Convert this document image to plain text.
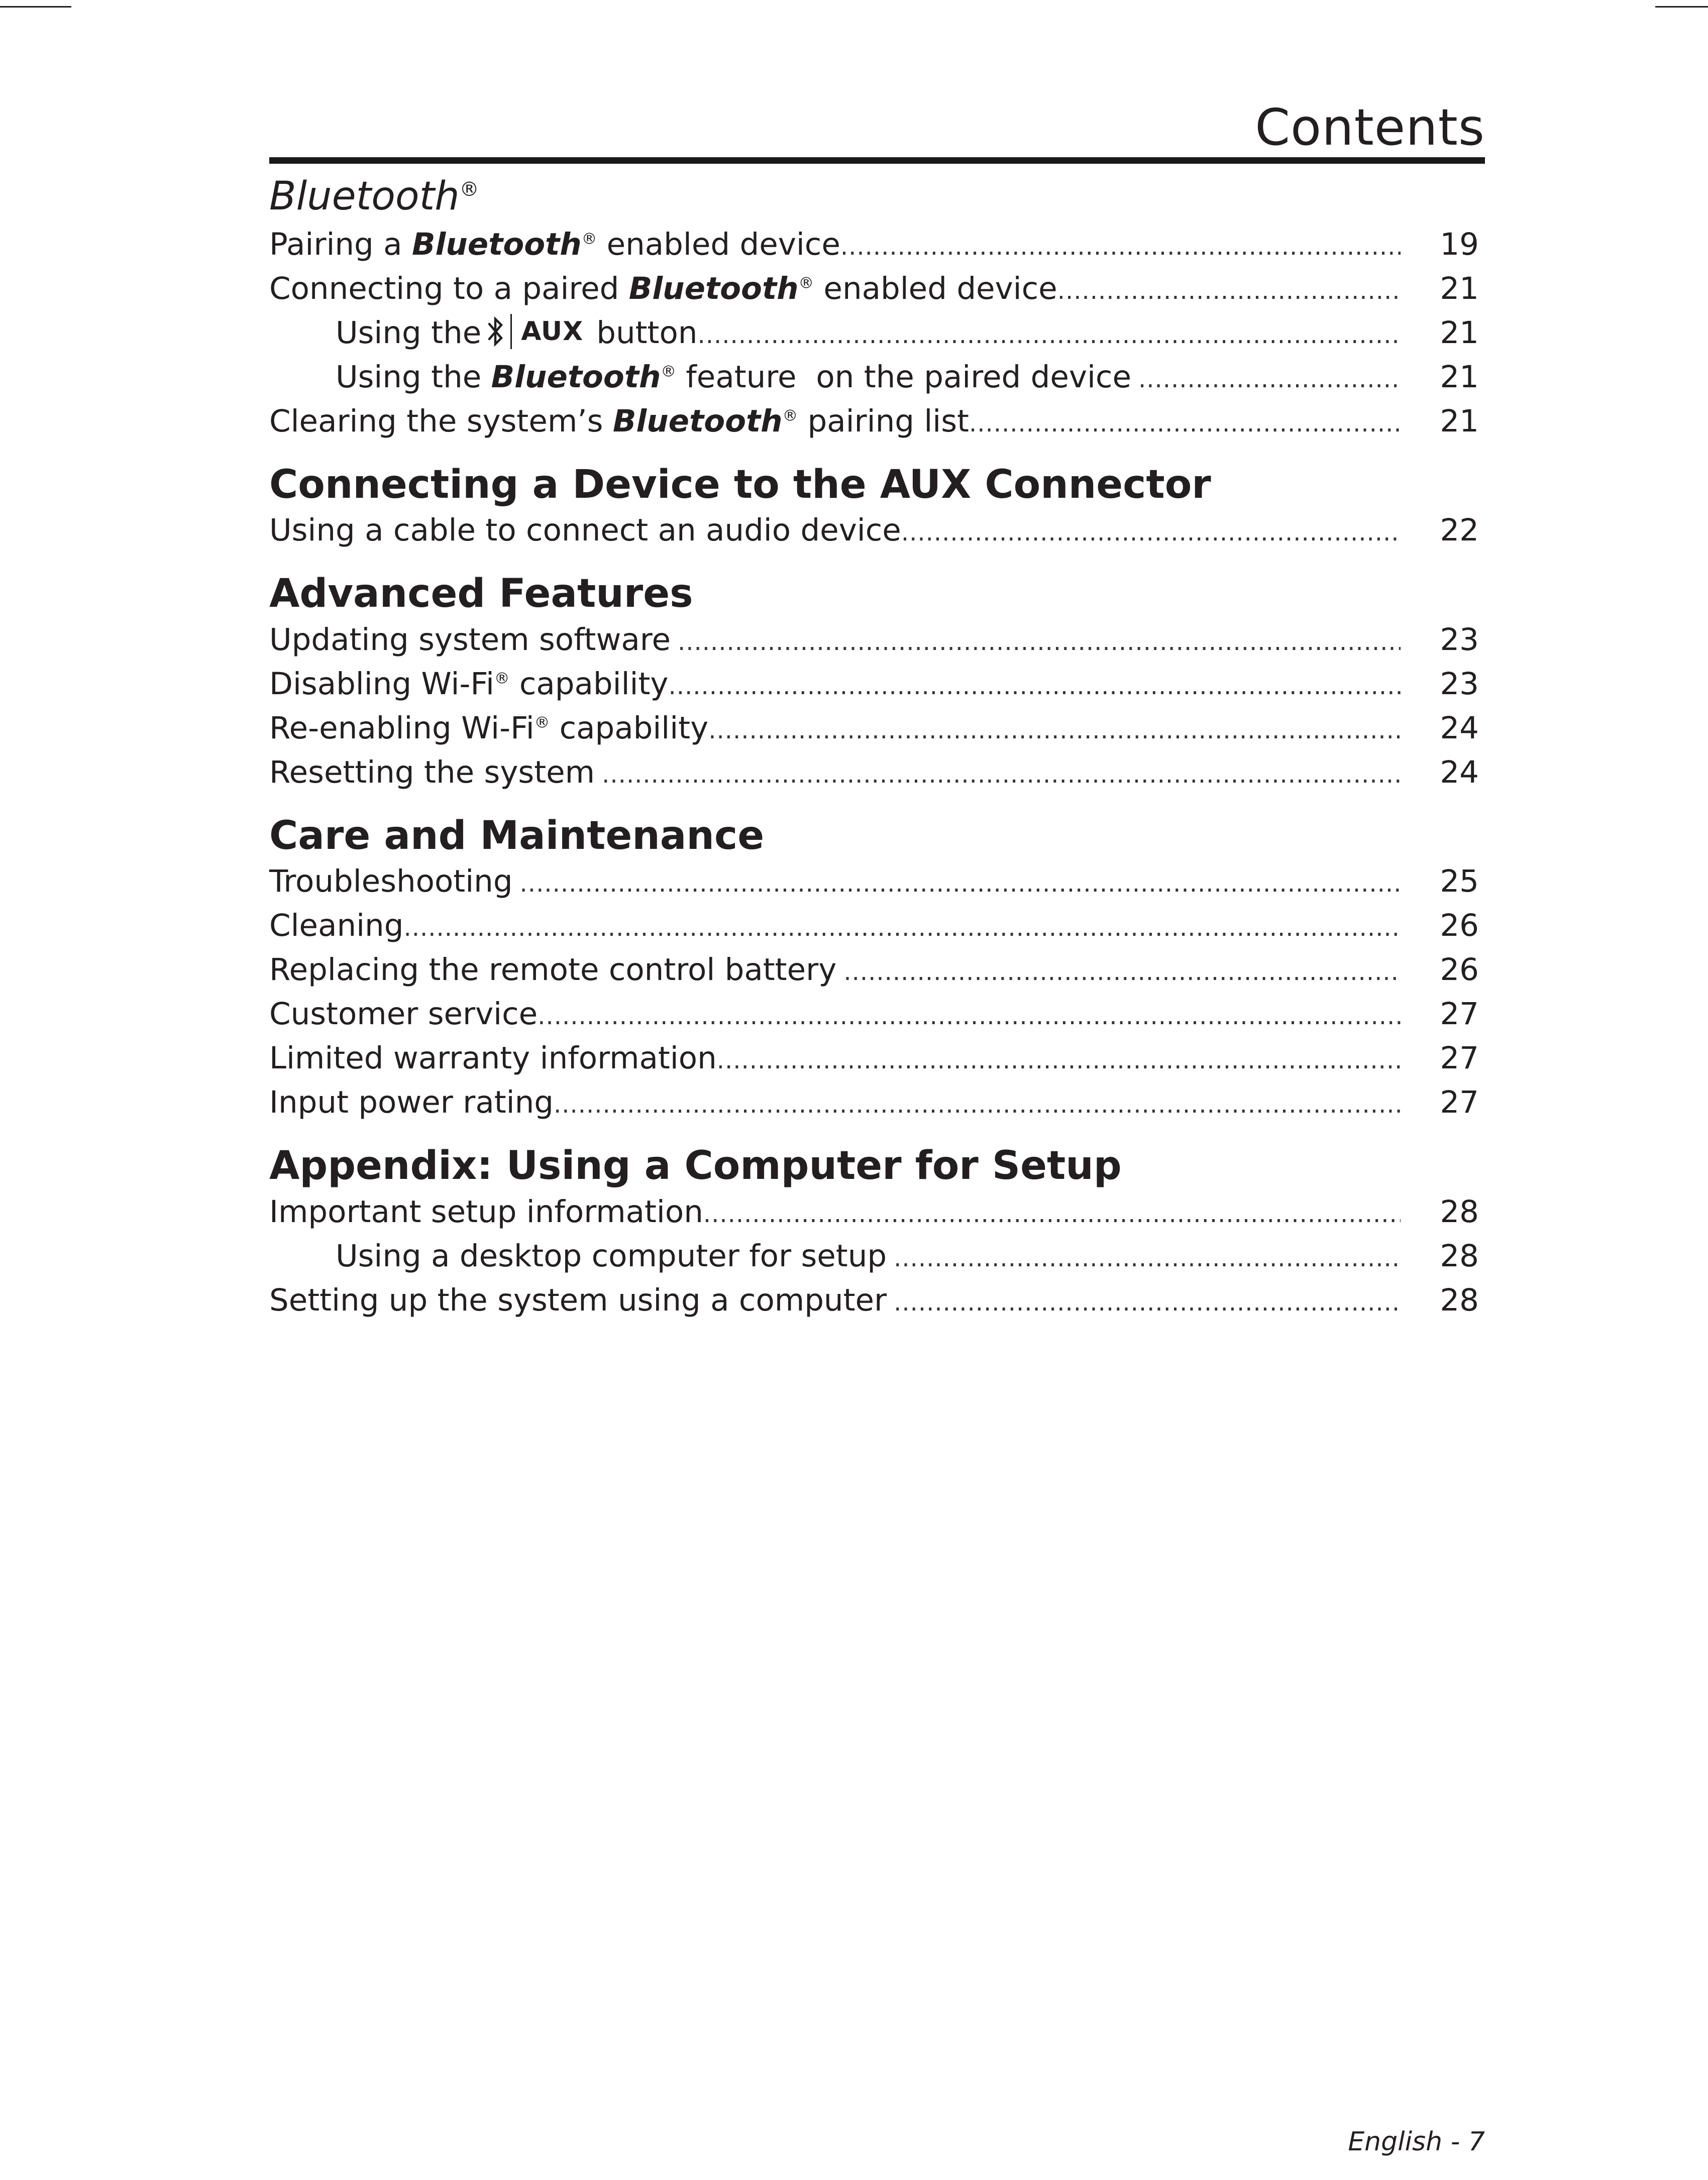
Contents
Bluetooth®
Pairing a Bluetooth® enabled device .....	19
Connecting to a paired Bluetooth® enabled device .....	21
Using the AUX button .....	21
Using the Bluetooth® feature  on the paired device .....	21
Clearing the system’s Bluetooth® pairing list .....	21
Connecting a Device to the AUX Connector
Using a cable to connect an audio device .....	22
Advanced Features
Updating system software .....	23
Disabling Wi-Fi® capability .....	23
Re-enabling Wi-Fi® capability .....	24
Resetting the system .....	24
Care and Maintenance
Troubleshooting .....	25
Cleaning .....	26
Replacing the remote control battery .....	26
Customer service .....	27
Limited warranty information .....	27
Input power rating .....	27
Appendix: Using a Computer for Setup
Important setup information .....	28
Using a desktop computer for setup .....	28
Setting up the system using a computer .....	28
English - 7
